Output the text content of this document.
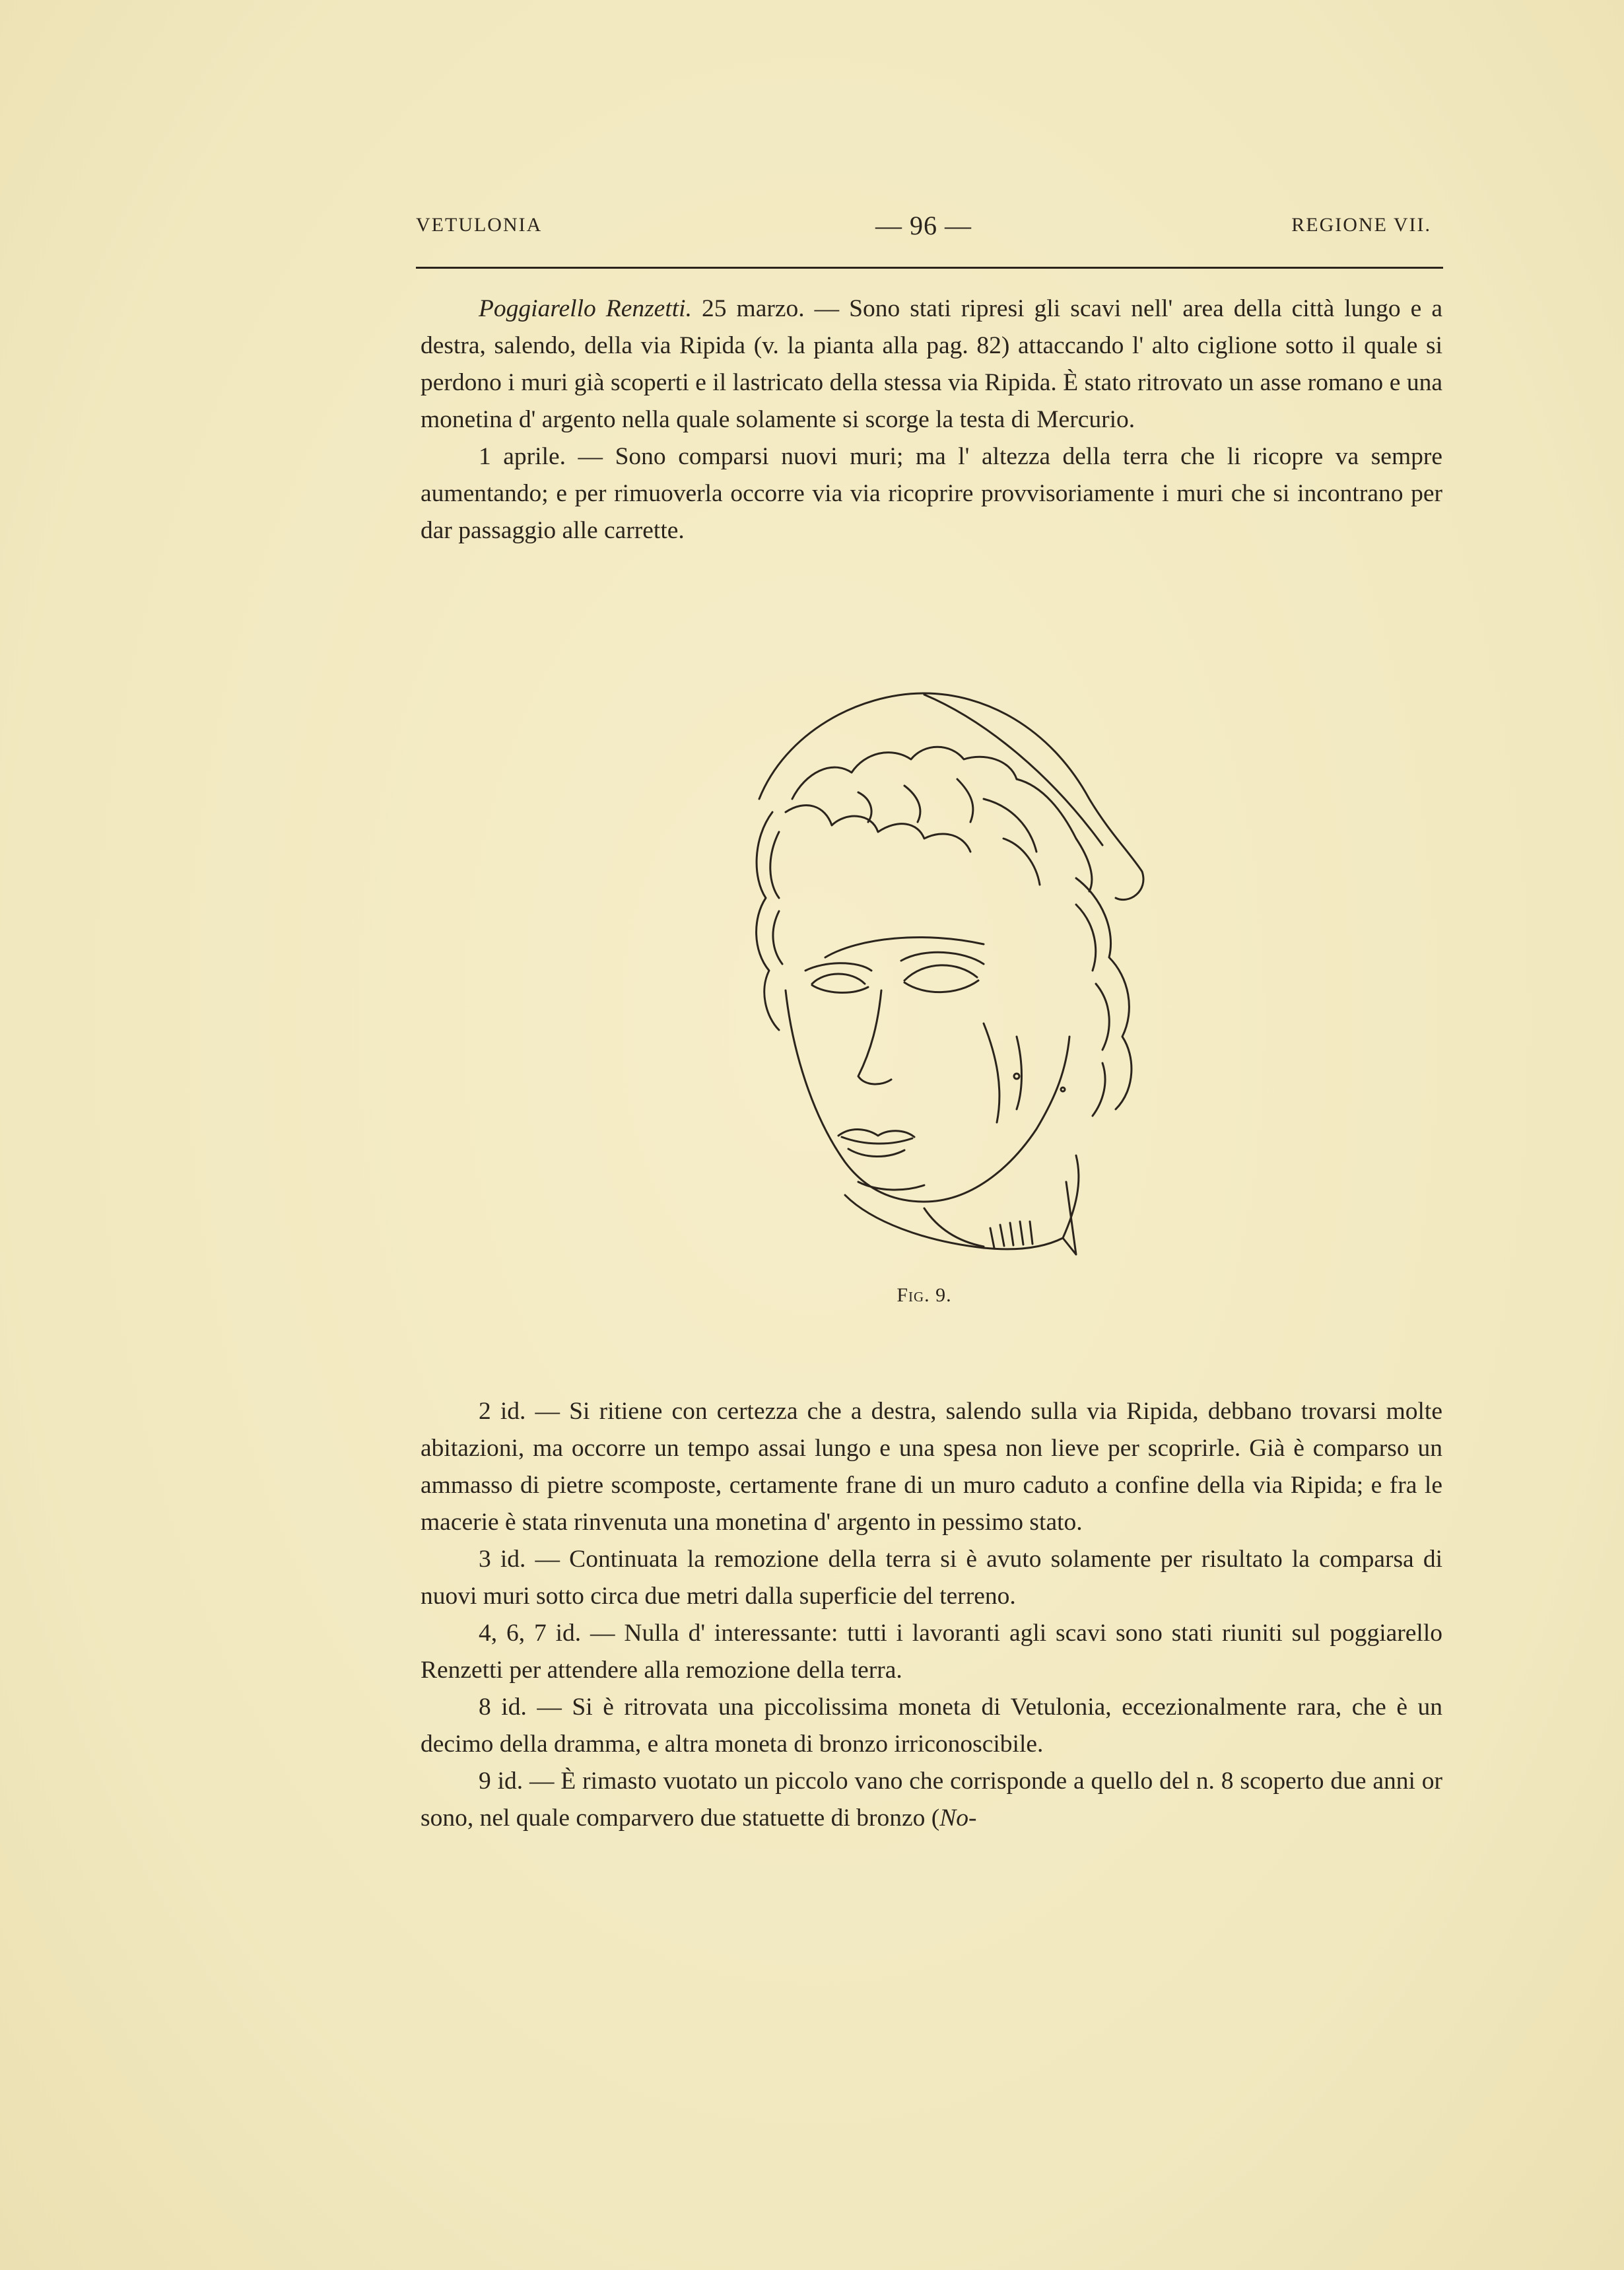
VETULONIA	— 96 —	REGIONE VII.

Poggiarello Renzetti. 25 marzo. — Sono stati ripresi gli scavi nell' area della città lungo e a destra, salendo, della via Ripida (v. la pianta alla pag. 82) attaccando l' alto ciglione sotto il quale si perdono i muri già scoperti e il lastricato della stessa via Ripida. È stato ritrovato un asse romano e una monetina d' argento nella quale solamente si scorge la testa di Mercurio.

1 aprile. — Sono comparsi nuovi muri; ma l' altezza della terra che li ricopre va sempre aumentando; e per rimuoverla occorre via via ricoprire provvisoriamente i muri che si incontrano per dar passaggio alle carrette.

Fig. 9.

2 id. — Si ritiene con certezza che a destra, salendo sulla via Ripida, debbano trovarsi molte abitazioni, ma occorre un tempo assai lungo e una spesa non lieve per scoprirle. Già è comparso un ammasso di pietre scomposte, certamente frane di un muro caduto a confine della via Ripida; e fra le macerie è stata rinvenuta una monetina d' argento in pessimo stato.

3 id. — Continuata la remozione della terra si è avuto solamente per risultato la comparsa di nuovi muri sotto circa due metri dalla superficie del terreno.

4, 6, 7 id. — Nulla d' interessante: tutti i lavoranti agli scavi sono stati riuniti sul poggiarello Renzetti per attendere alla remozione della terra.

8 id. — Si è ritrovata una piccolissima moneta di Vetulonia, eccezionalmente rara, che è un decimo della dramma, e altra moneta di bronzo irriconoscibile.

9 id. — È rimasto vuotato un piccolo vano che corrisponde a quello del n. 8 scoperto due anni or sono, nel quale comparvero due statuette di bronzo (No-
